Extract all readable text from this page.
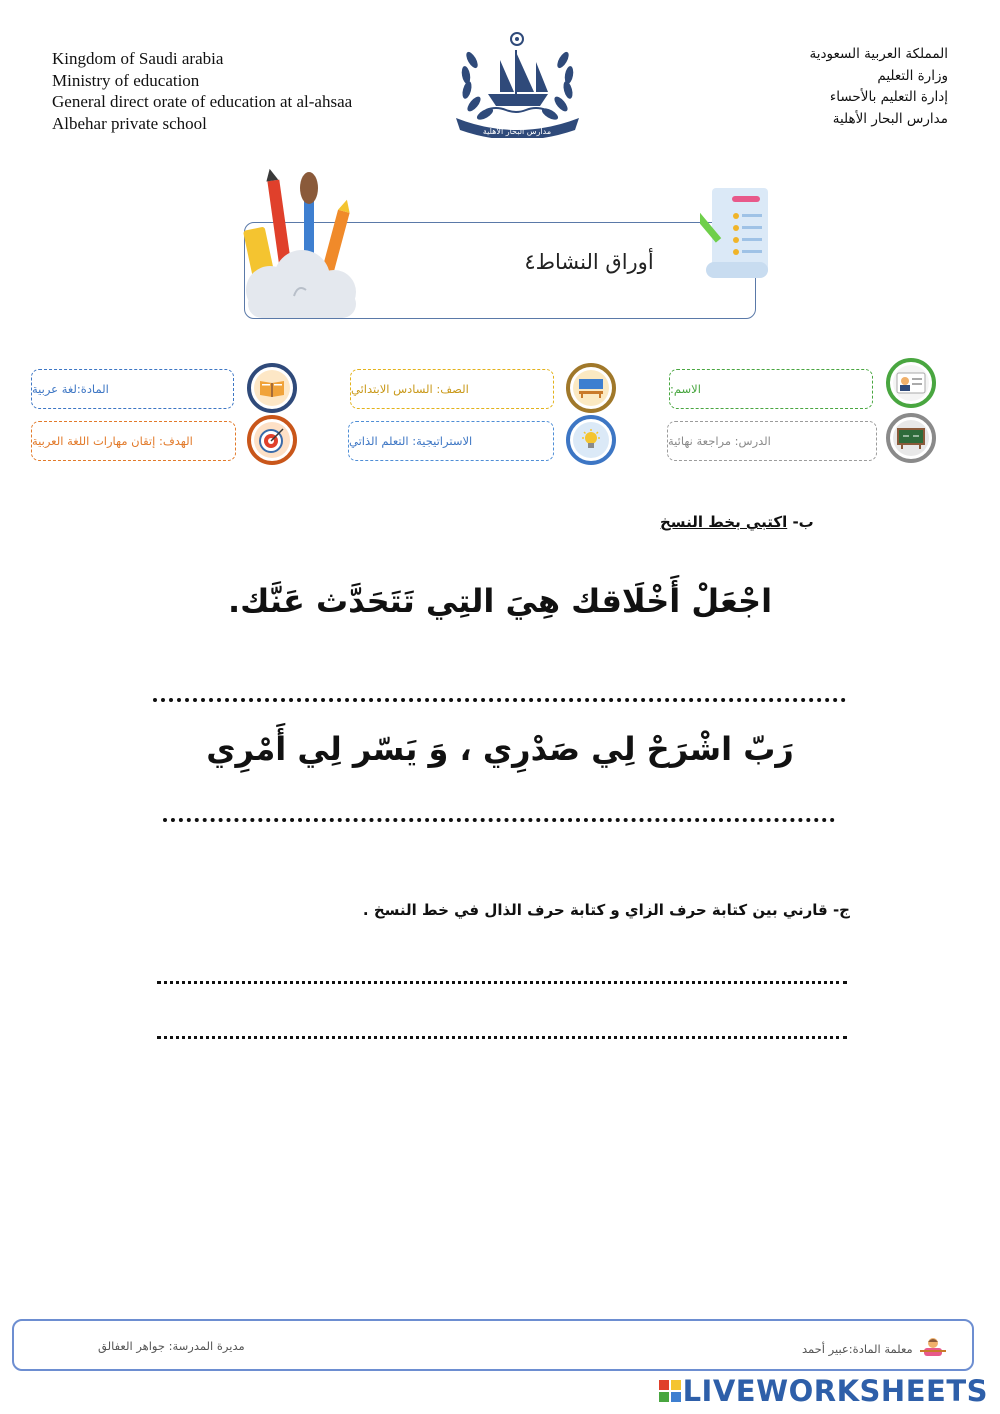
Kingdom of Saudi arabia
Ministry of education
General direct orate of education at al-ahsaa
Albehar private school
المملكة العربية السعودية
وزارة التعليم
إدارة التعليم بالأحساء
مدارس البحار الأهلية
مدارس البحار الأهلية
أوراق النشاط٤
الاسم:
الصف: السادس الابتدائي
المادة:لغة عربية
الدرس: مراجعة نهائية
الاستراتيجية: التعلم الذاتي
الهدف: إتقان مهارات اللغة العربية
ب- اكتبي بخط النسخ
اجْعَلْ أَخْلَاقك هِيَ التِي تَتَحَدَّث عَنَّك.
رَبّ اشْرَحْ لِي صَدْرِي ، وَ يَسّر لِي أَمْرِي
ج- قارني بين كتابة حرف الزاي و كتابة حرف الذال في خط النسخ .
معلمة المادة:عبير أحمد
مديرة المدرسة: جواهر العفالق
LIVEWORKSHEETS
